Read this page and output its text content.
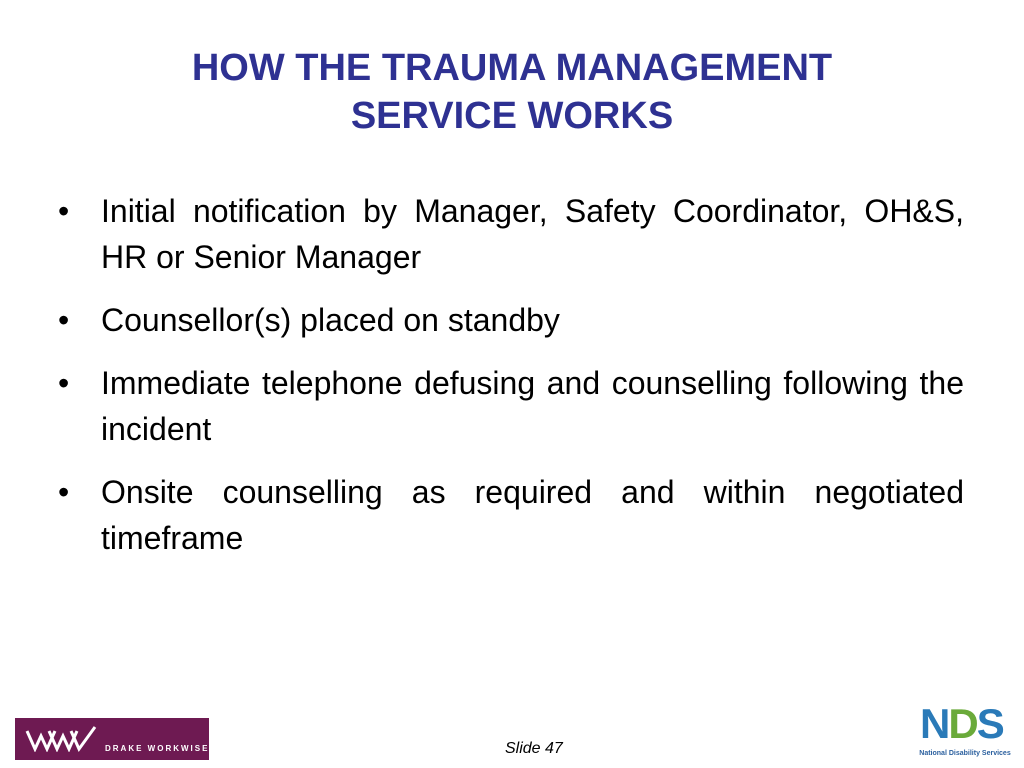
HOW THE TRAUMA MANAGEMENT
SERVICE WORKS
• Initial notification by Manager, Safety Coordinator, OH&S, HR or Senior Manager
• Counsellor(s) placed on standby
• Immediate telephone defusing and counselling following the incident
• Onsite counselling as required and within negotiated timeframe
DRAKE WORKWISE	Slide 47
NDS
National Disability Services
